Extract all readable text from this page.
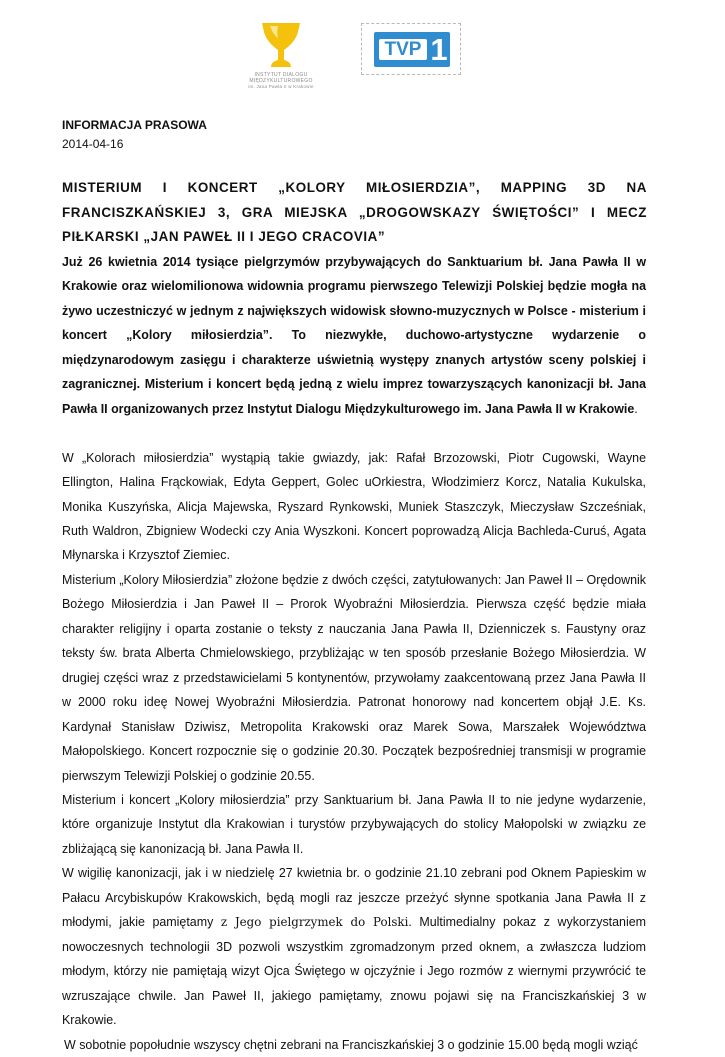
INSTYTUT DIALOGU
MIĘDZYKULTUROWEGO
im. Jana Pawła II w Krakowie
TVP 1
INFORMACJA PRASOWA
2014-04-16
MISTERIUM I KONCERT „KOLORY MIŁOSIERDZIA”, MAPPING 3D NA FRANCISZKAŃSKIEJ 3, GRA MIEJSKA „DROGOWSKAZY ŚWIĘTOŚCI” I MECZ PIŁKARSKI „JAN PAWEŁ II I JEGO CRACOVIA”

Już 26 kwietnia 2014 tysiące pielgrzymów przybywających do Sanktuarium bł. Jana Pawła II w Krakowie oraz wielomilionowa widownia programu pierwszego Telewizji Polskiej będzie mogła na żywo uczestniczyć w jednym z największych widowisk słowno-muzycznych w Polsce - misterium i koncert „Kolory miłosierdzia”. To niezwykłe, duchowo-artystyczne wydarzenie o międzynarodowym zasięgu i charakterze uświetnią występy znanych artystów sceny polskiej i zagranicznej. Misterium i koncert będą jedną z wielu imprez towarzyszących kanonizacji bł. Jana Pawła II organizowanych przez Instytut Dialogu Międzykulturowego im. Jana Pawła II w Krakowie.

W „Kolorach miłosierdzia” wystąpią takie gwiazdy, jak: Rafał Brzozowski, Piotr Cugowski, Wayne Ellington, Halina Frąckowiak, Edyta Geppert, Golec uOrkiestra, Włodzimierz Korcz, Natalia Kukulska, Monika Kuszyńska, Alicja Majewska, Ryszard Rynkowski, Muniek Staszczyk, Mieczysław Szcześniak, Ruth Waldron, Zbigniew Wodecki czy Ania Wyszkoni. Koncert poprowadzą Alicja Bachleda-Curuś, Agata Młynarska i Krzysztof Ziemiec.

Misterium „Kolory Miłosierdzia” złożone będzie z dwóch części, zatytułowanych: Jan Paweł II – Orędownik Bożego Miłosierdzia i Jan Paweł II – Prorok Wyobraźni Miłosierdzia. Pierwsza część będzie miała charakter religijny i oparta zostanie o teksty z nauczania Jana Pawła II, Dzienniczek s. Faustyny oraz teksty św. brata Alberta Chmielowskiego, przybliżając w ten sposób przesłanie Bożego Miłosierdzia. W drugiej części wraz z przedstawicielami 5 kontynentów, przywołamy zaakcentowaną przez Jana Pawła II w 2000 roku ideę Nowej Wyobraźni Miłosierdzia. Patronat honorowy nad koncertem objął J.E. Ks. Kardynał Stanisław Dziwisz, Metropolita Krakowski oraz Marek Sowa, Marszałek Województwa Małopolskiego. Koncert rozpocznie się o godzinie 20.30. Początek bezpośredniej transmisji w programie pierwszym Telewizji Polskiej o godzinie 20.55.

Misterium i koncert „Kolory miłosierdzia” przy Sanktuarium bł. Jana Pawła II to nie jedyne wydarzenie, które organizuje Instytut dla Krakowian i turystów przybywających do stolicy Małopolski w związku ze zbliżającą się kanonizacją bł. Jana Pawła II.

W wigilię kanonizacji, jak i w niedzielę 27 kwietnia br. o godzinie 21.10 zebrani pod Oknem Papieskim w Pałacu Arcybiskupów Krakowskich, będą mogli raz jeszcze przeżyć słynne spotkania Jana Pawła II z młodymi, jakie pamiętamy z Jego pielgrzymek do Polski. Multimedialny pokaz z wykorzystaniem nowoczesnych technologii 3D pozwoli wszystkim zgromadzonym przed oknem, a zwłaszcza ludziom młodym, którzy nie pamiętają wizyt Ojca Świętego w ojczyźnie i Jego rozmów z wiernymi przywrócić te wzruszające chwile. Jan Paweł II, jakiego pamiętamy, znowu pojawi się na Franciszkańskiej 3 w Krakowie.

W sobotnie popołudnie wszyscy chętni zebrani na Franciszkańskiej 3 o godzinie 15.00 będą mogli wziąć
